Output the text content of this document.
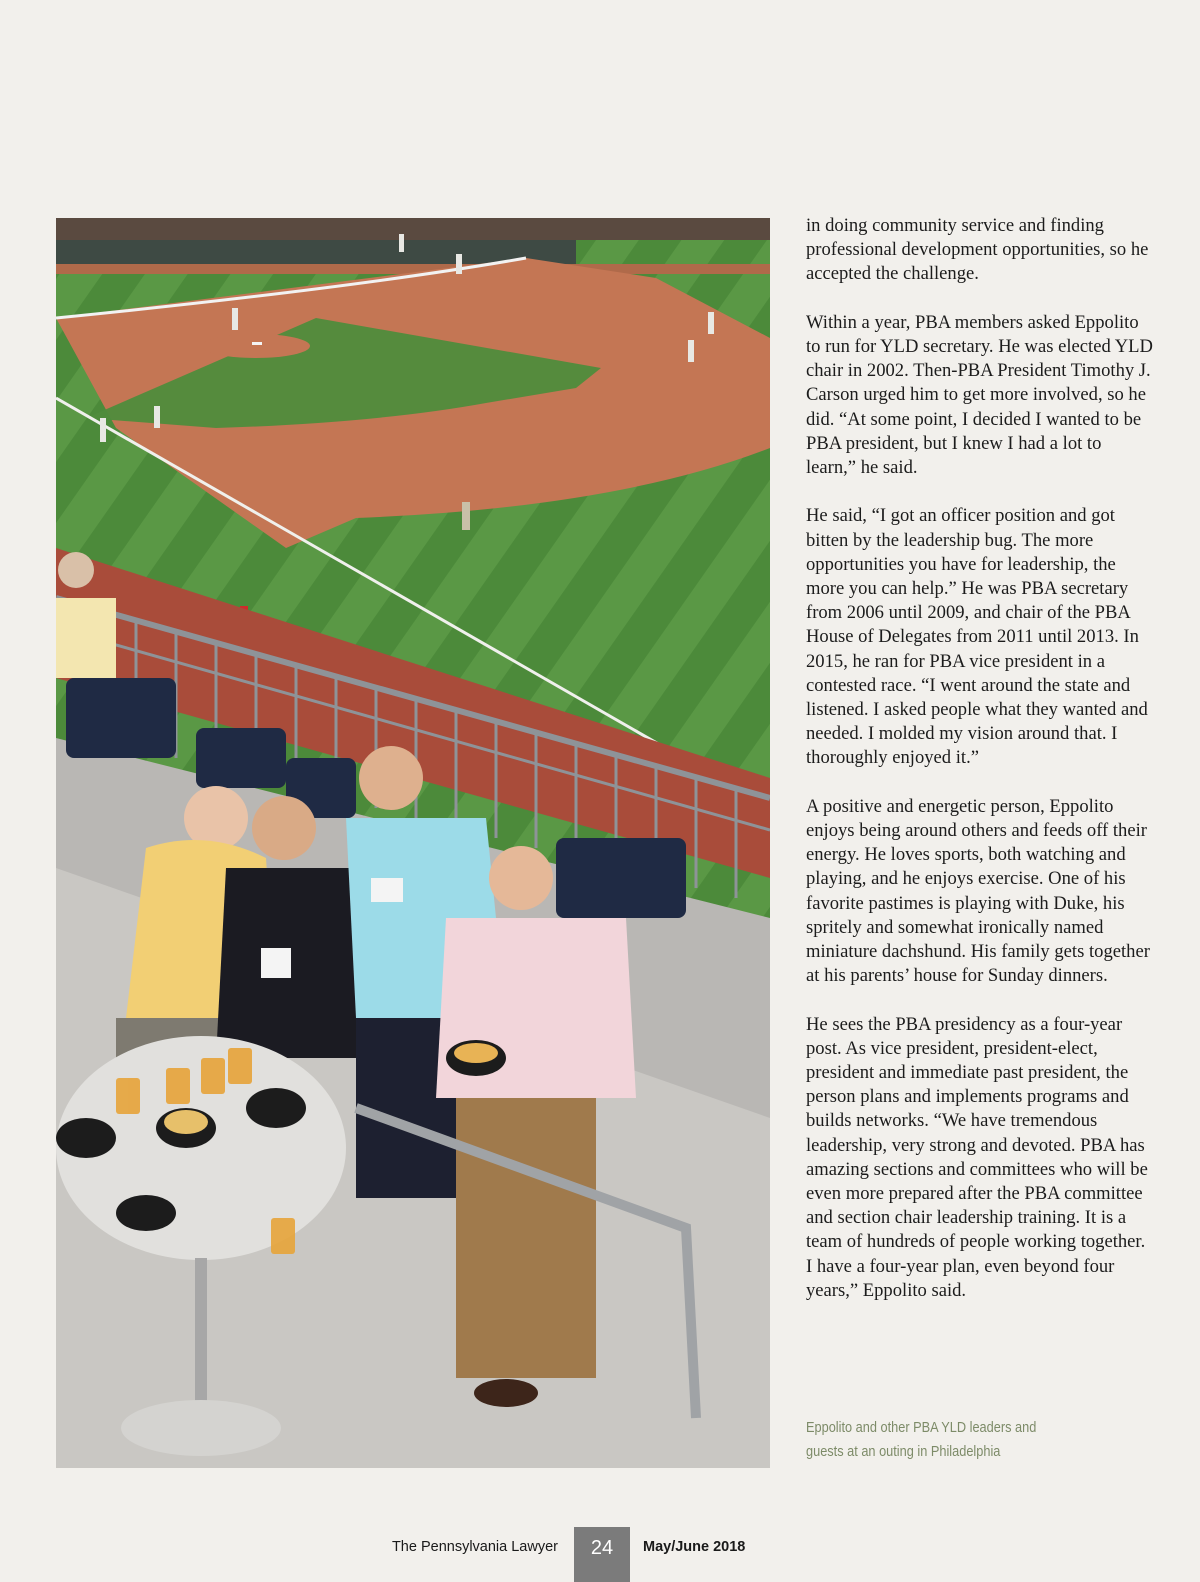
in doing community service and finding professional development opportunities, so he accepted the challenge.

Within a year, PBA members asked Eppolito to run for YLD secretary. He was elected YLD chair in 2002. Then-PBA President Timothy J. Carson urged him to get more involved, so he did. “At some point, I decided I wanted to be PBA president, but I knew I had a lot to learn,” he said.

He said, “I got an officer position and got bitten by the leadership bug. The more opportunities you have for leadership, the more you can help.” He was PBA secretary from 2006 until 2009, and chair of the PBA House of Delegates from 2011 until 2013. In 2015, he ran for PBA vice president in a contested race. “I went around the state and listened. I asked people what they wanted and needed. I molded my vision around that. I thoroughly enjoyed it.”

A positive and energetic person, Eppolito enjoys being around others and feeds off their energy. He loves sports, both watching and playing, and he enjoys exercise. One of his favorite pastimes is playing with Duke, his spritely and somewhat ironically named miniature dachshund. His family gets together at his parents’ house for Sunday dinners.

He sees the PBA presidency as a four-year post. As vice president, president-elect, president and immediate past president, the person plans and implements programs and builds networks. “We have tremendous leadership, very strong and devoted. PBA has amazing sections and committees who will be even more prepared after the PBA committee and section chair leadership training. It is a team of hundreds of people working together. I have a four-year plan, even beyond four years,” Eppolito said.

Eppolito and other PBA YLD leaders and
guests at an outing in Philadelphia
The Pennsylvania Lawyer	24	May/June 2018
